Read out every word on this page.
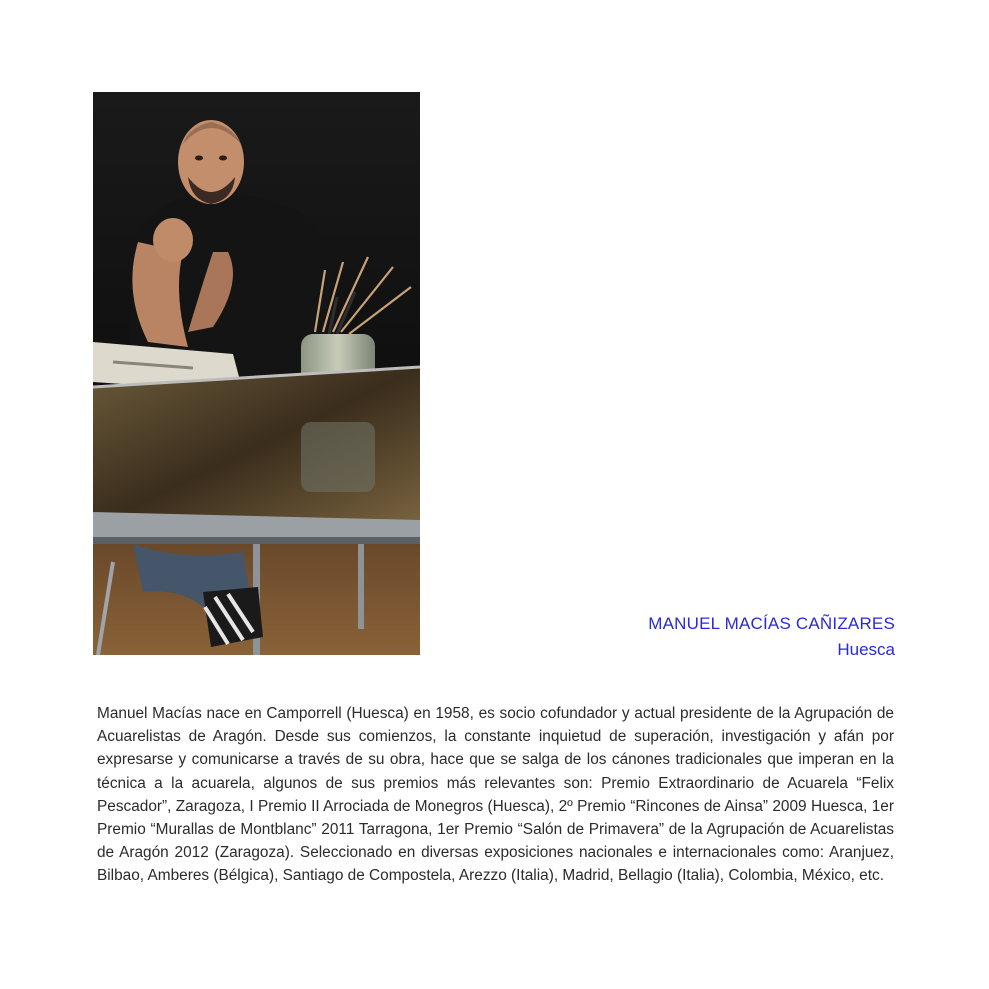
MANUEL MACÍAS CAÑIZARES
Huesca

Manuel Macías nace en Camporrell (Huesca) en 1958, es socio cofundador y actual presidente de la Agrupación de Acuarelistas de Aragón. Desde sus comienzos, la constante inquietud de superación, investigación y afán por expresarse y comunicarse a través de su obra, hace que se salga de los cánones tradicionales que imperan en la técnica a la acuarela, algunos de sus premios más relevantes son: Premio Extraordinario de Acuarela “Felix Pescador”, Zaragoza, I Premio II Arrociada de Monegros (Huesca), 2º Premio “Rincones de Ainsa” 2009 Huesca, 1er Premio “Murallas de Montblanc” 2011 Tarragona, 1er Premio “Salón de Primavera” de la Agrupación de Acuarelistas de Aragón 2012 (Zaragoza). Seleccionado en diversas exposiciones nacionales e internacionales como: Aranjuez, Bilbao, Amberes (Bélgica), Santiago de Compostela, Arezzo (Italia), Madrid, Bellagio (Italia), Colombia, México, etc.
